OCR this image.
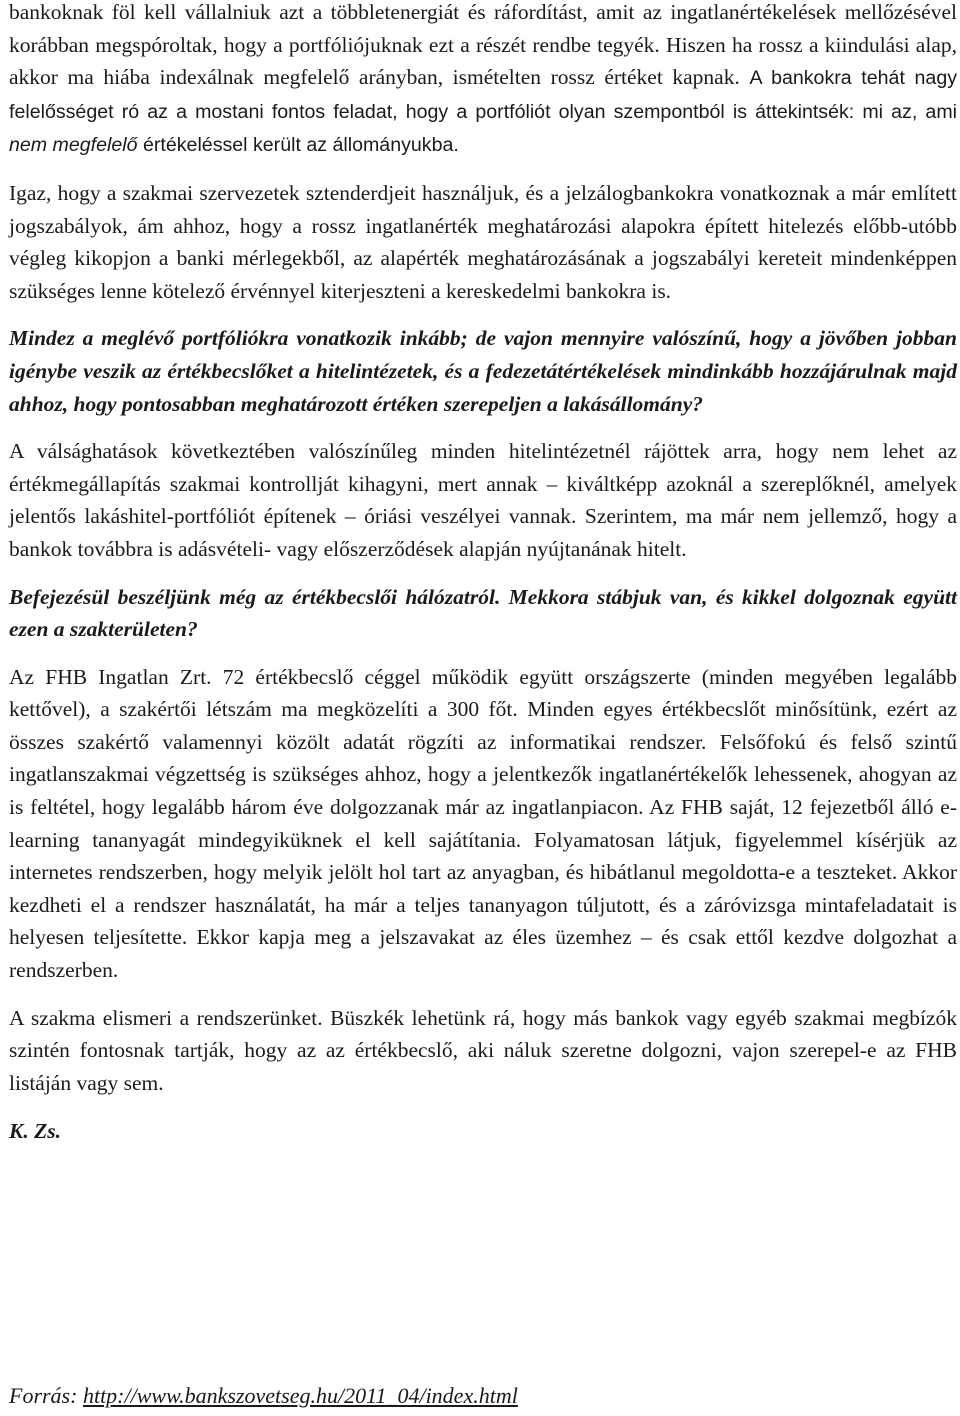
bankoknak föl kell vállalniuk azt a többletenergiát és ráfordítást, amit az ingatlanértékelések mellőzésével korábban megspóroltak, hogy a portfóliójuknak ezt a részét rendbe tegyék. Hiszen ha rossz a kiindulási alap, akkor ma hiába indexálnak megfelelő arányban, ismételten rossz értéket kapnak. A bankokra tehát nagy felelősséget ró az a mostani fontos feladat, hogy a portfóliót olyan szempontból is áttekintsék: mi az, ami nem megfelelő értékeléssel került az állományukba.

Igaz, hogy a szakmai szervezetek sztenderdjeit használjuk, és a jelzálogbankokra vonatkoznak a már említett jogszabályok, ám ahhoz, hogy a rossz ingatlanérték meghatározási alapokra épített hitelezés előbb-utóbb végleg kikopjon a banki mérlegekből, az alapérték meghatározásának a jogszabályi kereteit mindenképpen szükséges lenne kötelező érvénnyel kiterjeszteni a kereskedelmi bankokra is.

Mindez a meglévő portfóliókra vonatkozik inkább; de vajon mennyire valószínű, hogy a jövőben jobban igénybe veszik az értékbecslőket a hitelintézetek, és a fedezetátértékelések mindinkább hozzájárulnak majd ahhoz, hogy pontosabban meghatározott értéken szerepeljen a lakásállomány?

A válsághatások következtében valószínűleg minden hitelintézetnél rájöttek arra, hogy nem lehet az értékmegállapítás szakmai kontrollját kihagyni, mert annak – kiváltképp azoknál a szereplőknél, amelyek jelentős lakáshitel-portfóliót építenek – óriási veszélyei vannak. Szerintem, ma már nem jellemző, hogy a bankok továbbra is adásvételi- vagy előszerződések alapján nyújtanának hitelt.

Befejezésül beszéljünk még az értékbecslői hálózatról. Mekkora stábjuk van, és kikkel dolgoznak együtt ezen a szakterületen?

Az FHB Ingatlan Zrt. 72 értékbecslő céggel működik együtt országszerte (minden megyében legalább kettővel), a szakértői létszám ma megközelíti a 300 főt. Minden egyes értékbecslőt minősítünk, ezért az összes szakértő valamennyi közölt adatát rögzíti az informatikai rendszer. Felsőfokú és felső szintű ingatlanszakmai végzettség is szükséges ahhoz, hogy a jelentkezők ingatlanértékelők lehessenek, ahogyan az is feltétel, hogy legalább három éve dolgozzanak már az ingatlanpiacon. Az FHB saját, 12 fejezetből álló e-learning tananyagát mindegyiküknek el kell sajátítania. Folyamatosan látjuk, figyelemmel kísérjük az internetes rendszerben, hogy melyik jelölt hol tart az anyagban, és hibátlanul megoldotta-e a teszteket. Akkor kezdheti el a rendszer használatát, ha már a teljes tananyagon túljutott, és a záróvizsga mintafeladatait is helyesen teljesítette. Ekkor kapja meg a jelszavakat az éles üzemhez – és csak ettől kezdve dolgozhat a rendszerben.

A szakma elismeri a rendszerünket. Büszkék lehetünk rá, hogy más bankok vagy egyéb szakmai megbízók szintén fontosnak tartják, hogy az az értékbecslő, aki náluk szeretne dolgozni, vajon szerepel-e az FHB listáján vagy sem.

K. Zs.

Forrás: http://www.bankszovetseg.hu/2011_04/index.html
